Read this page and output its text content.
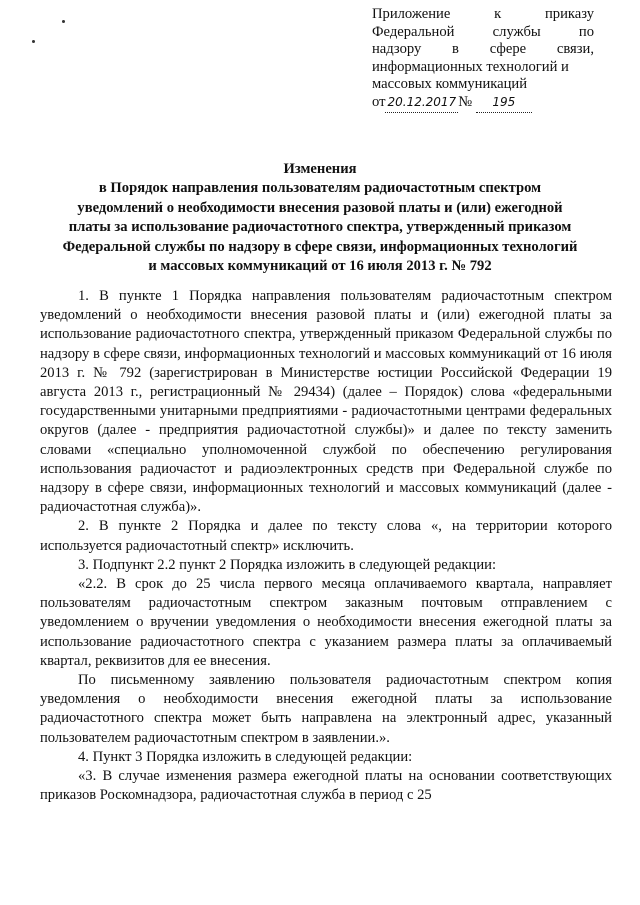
Приложение к приказу
Федеральной службы по
надзору в сфере связи,
информационных технологий и
массовых коммуникаций
от 20.12.2017 № 195
Изменения
в Порядок направления пользователям радиочастотным спектром
уведомлений о необходимости внесения разовой платы и (или) ежегодной
платы за использование радиочастотного спектра, утвержденный приказом
Федеральной службы по надзору в сфере связи, информационных технологий
и массовых коммуникаций от 16 июля 2013 г. № 792

1. В пункте 1 Порядка направления пользователям радиочастотным спектром уведомлений о необходимости внесения разовой платы и (или) ежегодной платы за использование радиочастотного спектра, утвержденный приказом Федеральной службы по надзору в сфере связи, информационных технологий и массовых коммуникаций от 16 июля 2013 г. № 792 (зарегистрирован в Министерстве юстиции Российской Федерации 19 августа 2013 г., регистрационный № 29434) (далее – Порядок) слова «федеральными государственными унитарными предприятиями - радиочастотными центрами федеральных округов (далее - предприятия радиочастотной службы)» и далее по тексту заменить словами «специально уполномоченной службой по обеспечению регулирования использования радиочастот и радиоэлектронных средств при Федеральной службе по надзору в сфере связи, информационных технологий и массовых коммуникаций (далее - радиочастотная служба)».

2. В пункте 2 Порядка и далее по тексту слова «, на территории которого используется радиочастотный спектр» исключить.

3. Подпункт 2.2 пункт 2 Порядка изложить в следующей редакции:

«2.2. В срок до 25 числа первого месяца оплачиваемого квартала, направляет пользователям радиочастотным спектром заказным почтовым отправлением с уведомлением о вручении уведомления о необходимости внесения ежегодной платы за использование радиочастотного спектра с указанием размера платы за оплачиваемый квартал, реквизитов для ее внесения.

По письменному заявлению пользователя радиочастотным спектром копия уведомления о необходимости внесения ежегодной платы за использование радиочастотного спектра может быть направлена на электронный адрес, указанный пользователем радиочастотным спектром в заявлении.».

4. Пункт 3 Порядка изложить в следующей редакции:

«3. В случае изменения размера ежегодной платы на основании соответствующих приказов Роскомнадзора, радиочастотная служба в период с 25
